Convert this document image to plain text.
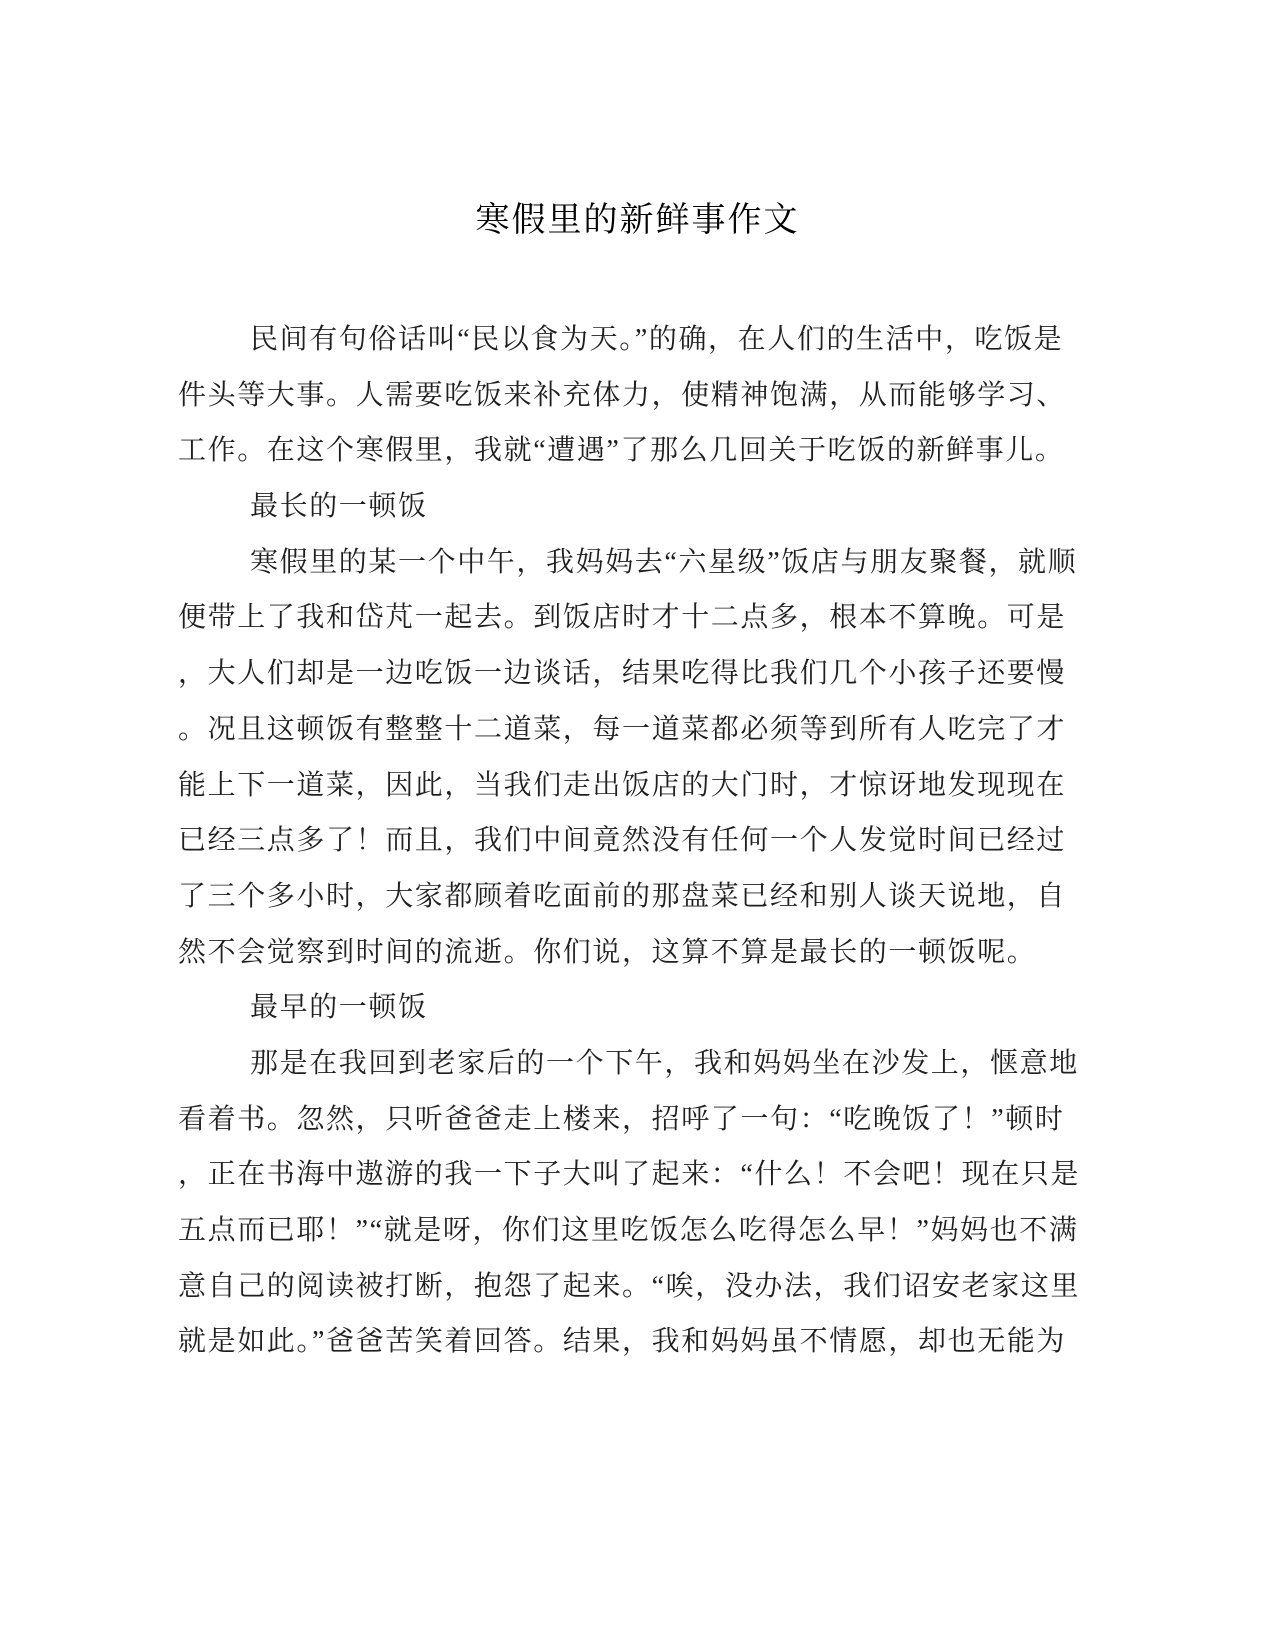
寒假里的新鲜事作文
民间有句俗话叫“民以食为天。”的确，在人们的生活中，吃饭是
件头等大事。人需要吃饭来补充体力，使精神饱满，从而能够学习、
工作。在这个寒假里，我就“遭遇”了那么几回关于吃饭的新鲜事儿。
最长的一顿饭
寒假里的某一个中午，我妈妈去“六星级”饭店与朋友聚餐，就顺
便带上了我和岱芃一起去。到饭店时才十二点多，根本不算晚。可是
，大人们却是一边吃饭一边谈话，结果吃得比我们几个小孩子还要慢
。况且这顿饭有整整十二道菜，每一道菜都必须等到所有人吃完了才
能上下一道菜，因此，当我们走出饭店的大门时，才惊讶地发现现在
已经三点多了！而且，我们中间竟然没有任何一个人发觉时间已经过
了三个多小时，大家都顾着吃面前的那盘菜已经和别人谈天说地，自
然不会觉察到时间的流逝。你们说，这算不算是最长的一顿饭呢。
最早的一顿饭
那是在我回到老家后的一个下午，我和妈妈坐在沙发上，惬意地
看着书。忽然，只听爸爸走上楼来，招呼了一句：“吃晚饭了！”顿时
，正在书海中遨游的我一下子大叫了起来：“什么！不会吧！现在只是
五点而已耶！”“就是呀，你们这里吃饭怎么吃得怎么早！”妈妈也不满
意自己的阅读被打断，抱怨了起来。“唉，没办法，我们诏安老家这里
就是如此。”爸爸苦笑着回答。结果，我和妈妈虽不情愿，却也无能为
